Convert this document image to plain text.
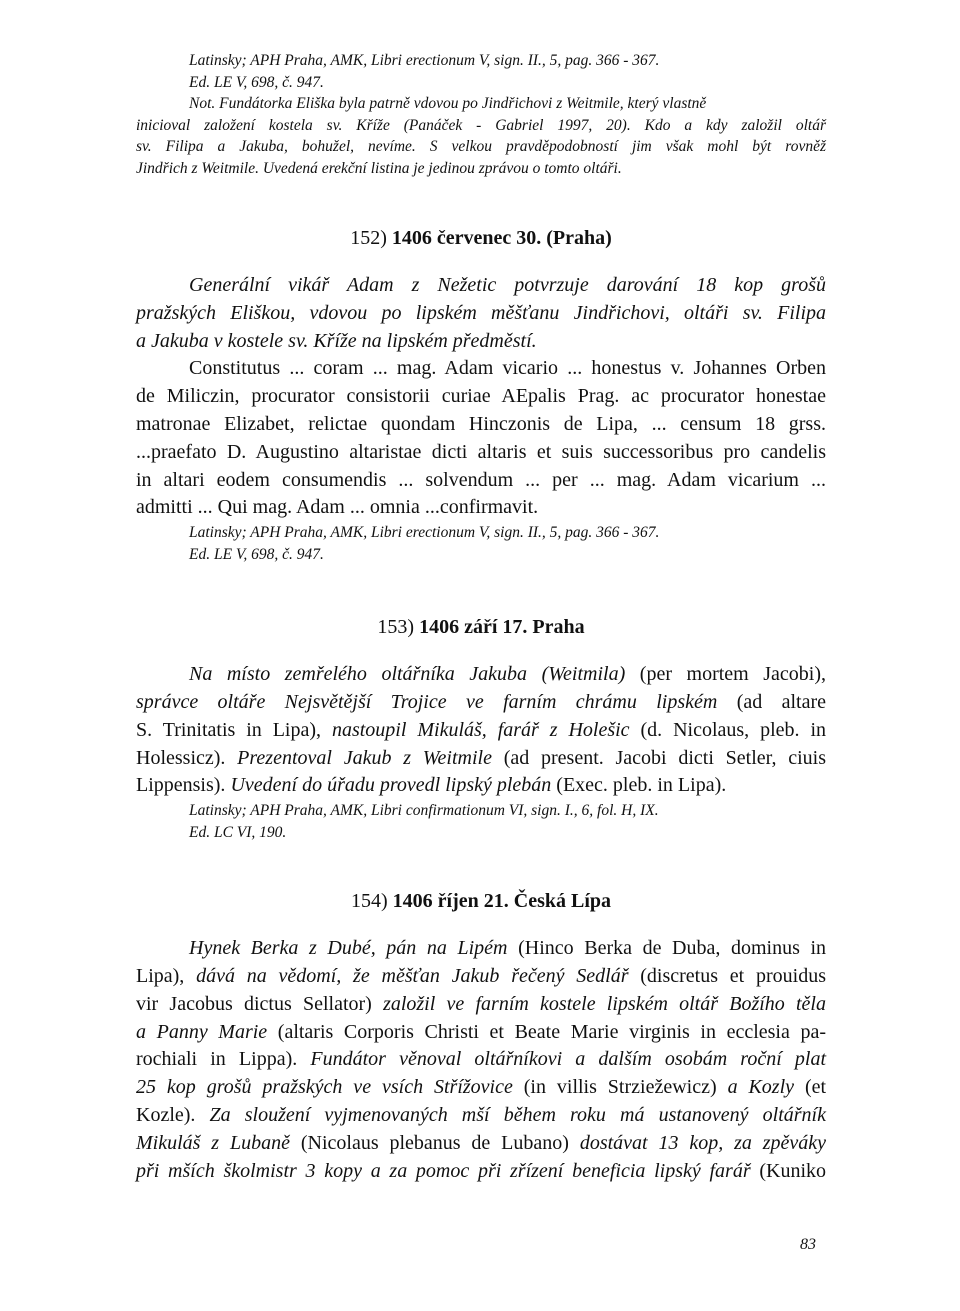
Latinsky; APH Praha, AMK, Libri erectionum V, sign. II., 5, pag. 366 - 367.
Ed. LE V, 698, č. 947.
Not. Fundátorka Eliška byla patrně vdovou po Jindřichovi z Weitmile, který vlastně
inicioval založení kostela sv. Kříže (Panáček - Gabriel 1997, 20). Kdo a kdy založil oltář
sv. Filipa a Jakuba, bohužel, nevíme. S velkou pravděpodobností jim však mohl být rovněž
Jindřich z Weitmile. Uvedená erekční listina je jedinou zprávou o tomto oltáři.

152) 1406 červenec 30. (Praha)

Generální vikář Adam z Nežetic potvrzuje darování 18 kop grošů
pražských Eliškou, vdovou po lipském měšťanu Jindřichovi, oltáři sv. Filipa
a Jakuba v kostele sv. Kříže na lipském předměstí.
Constitutus ... coram ... mag. Adam vicario ... honestus v. Johannes Orben
de Miliczin, procurator consistorii curiae AEpalis Prag. ac procurator honestae
matronae Elizabet, relictae quondam Hinczonis de Lipa, ... censum 18 grss.
...praefato D. Augustino altaristae dicti altaris et suis successoribus pro candelis
in altari eodem consumendis ... solvendum ... per ... mag. Adam vicarium ...
admitti ... Qui mag. Adam ... omnia ...confirmavit.
Latinsky; APH Praha, AMK, Libri erectionum V, sign. II., 5, pag. 366 - 367.
Ed. LE V, 698, č. 947.

153) 1406 září 17. Praha

Na místo zemřelého oltářníka Jakuba (Weitmila) (per mortem Jacobi),
správce oltáře Nejsvětější Trojice ve farním chrámu lipském (ad altare
S. Trinitatis in Lipa), nastoupil Mikuláš, farář z Holešic (d. Nicolaus, pleb. in
Holessicz). Prezentoval Jakub z Weitmile (ad present. Jacobi dicti Setler, ciuis
Lippensis). Uvedení do úřadu provedl lipský plebán (Exec. pleb. in Lipa).
Latinsky; APH Praha, AMK, Libri confirmationum VI, sign. I., 6, fol. H, IX.
Ed. LC VI, 190.

154) 1406 říjen 21. Česká Lípa

Hynek Berka z Dubé, pán na Lipém (Hinco Berka de Duba, dominus in
Lipa), dává na vědomí, že měšťan Jakub řečený Sedlář (discretus et prouidus
vir Jacobus dictus Sellator) založil ve farním kostele lipském oltář Božího těla
a Panny Marie (altaris Corporis Christi et Beate Marie virginis in ecclesia pa-
rochiali in Lippa). Fundátor věnoval oltářníkovi a dalším osobám roční plat
25 kop grošů pražských ve vsích Střížovice (in villis Strziežewicz) a Kozly (et
Kozle). Za sloužení vyjmenovaných mší během roku má ustanovený oltářník
Mikuláš z Lubaně (Nicolaus plebanus de Lubano) dostávat 13 kop, za zpěváky
při mších školmistr 3 kopy a za pomoc při zřízení beneficia lipský farář (Kuniko
83
